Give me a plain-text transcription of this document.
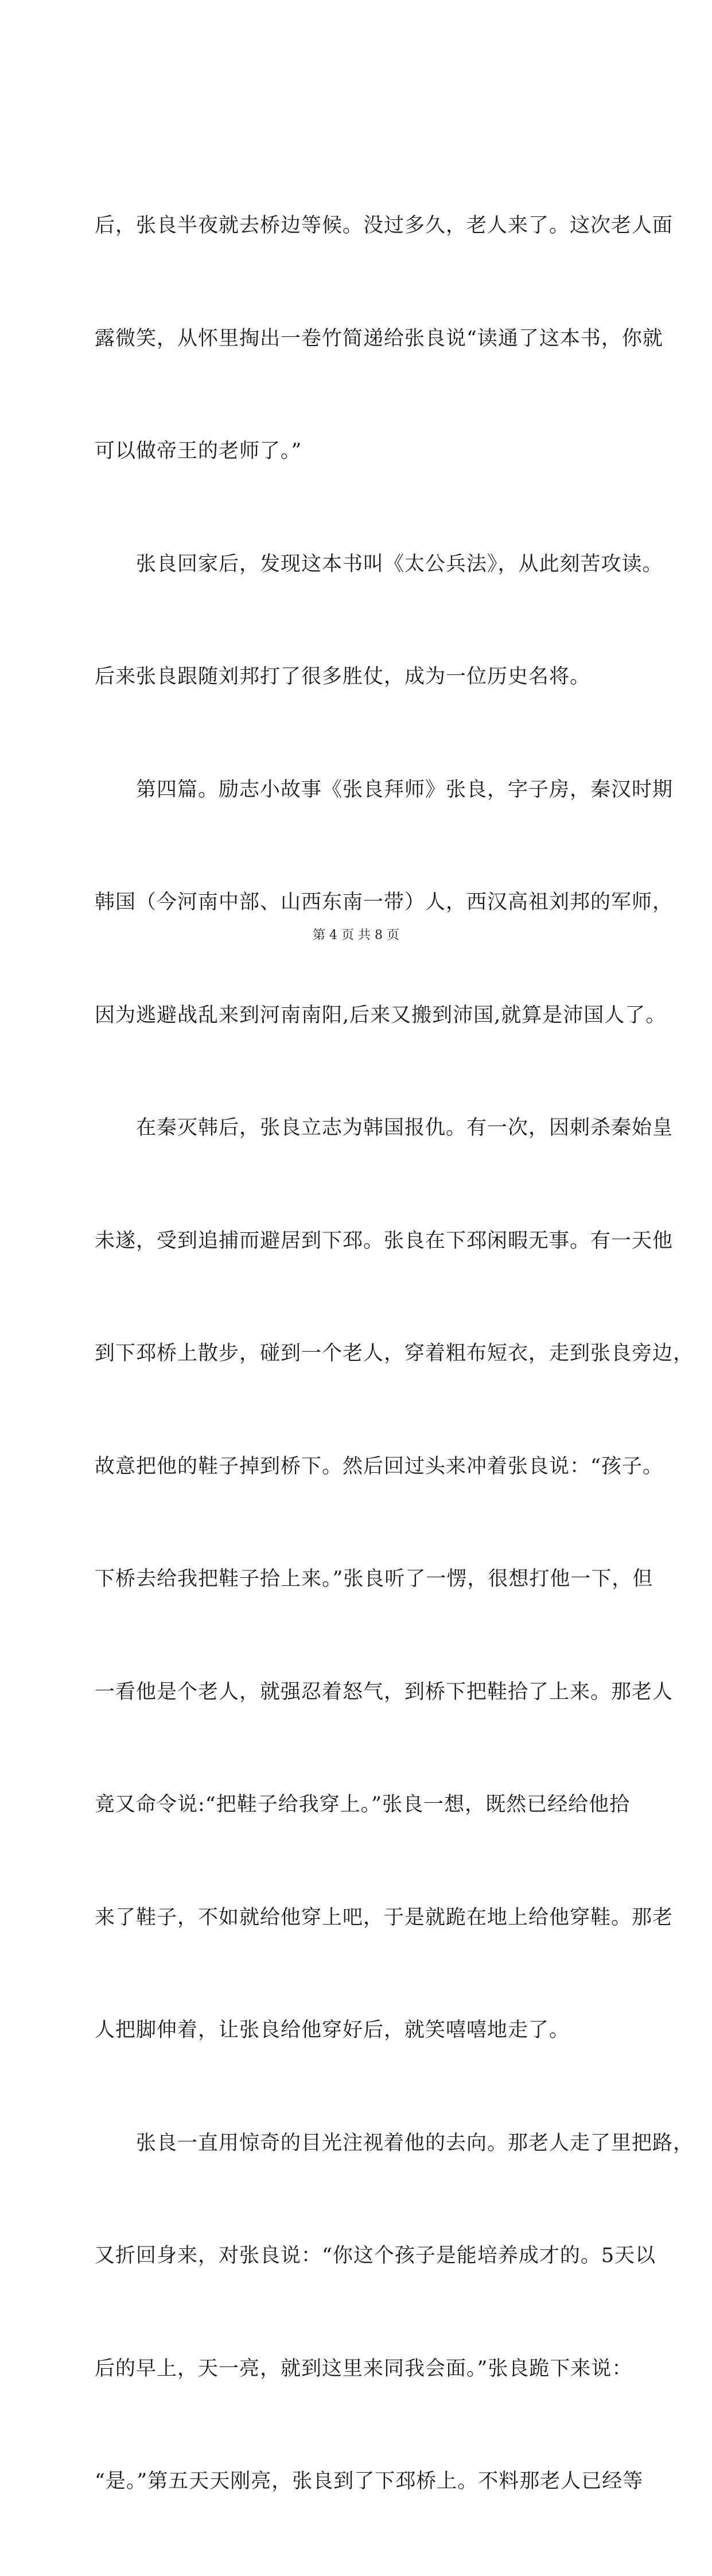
后，张良半夜就去桥边等候。没过多久，老人来了。这次老人面

露微笑，从怀里掏出一卷竹简递给张良说“读通了这本书，你就

可以做帝王的老师了。”

　　张良回家后，发现这本书叫《太公兵法》，从此刻苦攻读。

后来张良跟随刘邦打了很多胜仗，成为一位历史名将。

　　第四篇。励志小故事《张良拜师》张良，字子房，秦汉时期

韩国（今河南中部、山西东南一带）人，西汉高祖刘邦的军师，

因为逃避战乱来到河南南阳,后来又搬到沛国,就算是沛国人了。

　　在秦灭韩后，张良立志为韩国报仇。有一次，因刺杀秦始皇

未遂，受到追捕而避居到下邳。张良在下邳闲暇无事。有一天他

到下邳桥上散步，碰到一个老人，穿着粗布短衣，走到张良旁边，

故意把他的鞋子掉到桥下。然后回过头来冲着张良说：“孩子。

下桥去给我把鞋子拾上来。”张良听了一愣，很想打他一下，但

一看他是个老人，就强忍着怒气，到桥下把鞋拾了上来。那老人

竟又命令说:“把鞋子给我穿上。”张良一想，既然已经给他拾

来了鞋子，不如就给他穿上吧，于是就跪在地上给他穿鞋。那老

人把脚伸着，让张良给他穿好后，就笑嘻嘻地走了。

　　张良一直用惊奇的目光注视着他的去向。那老人走了里把路，

又折回身来，对张良说：“你这个孩子是能培养成才的。5天以

后的早上，天一亮，就到这里来同我会面。”张良跪下来说：

“是。”第五天天刚亮，张良到了下邳桥上。不料那老人已经等

第 4 页 共 8 页
